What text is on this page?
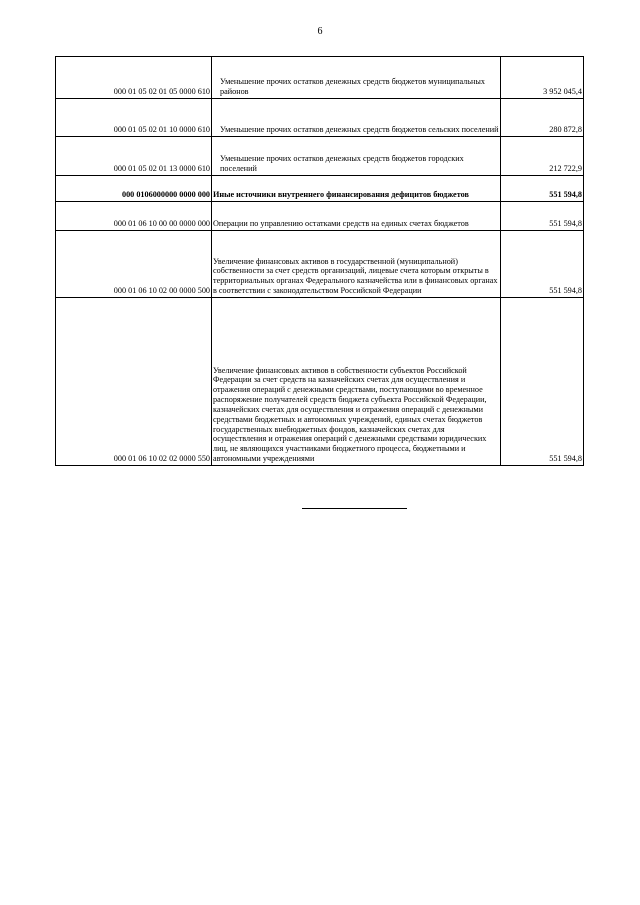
6
000 01 05 02 01 05 0000 610	Уменьшение прочих остатков денежных средств бюджетов муниципальных районов	3 952 045,4
000 01 05 02 01 10 0000 610	Уменьшение прочих остатков денежных средств бюджетов сельских поселений	280 872,8
000 01 05 02 01 13 0000 610	Уменьшение прочих остатков денежных средств бюджетов городских поселений	212 722,9
000 0106000000 0000 000	Иные источники внутреннего финансирования дефицитов бюджетов	551 594,8
000 01 06 10 00 00 0000 000	Операции по управлению остатками средств на единых счетах бюджетов	551 594,8
000 01 06 10 02 00 0000 500	Увеличение финансовых активов в государственной (муниципальной) собственности за счет средств организаций, лицевые счета которым открыты в территориальных органах Федерального казначейства или в финансовых органах в соответствии с законодательством Российской Федерации	551 594,8
000 01 06 10 02 02 0000 550	Увеличение финансовых активов в собственности субъектов Российской Федерации за счет средств на казначейских счетах для осуществления и отражения операций с денежными средствами, поступающими во временное распоряжение получателей средств бюджета субъекта Российской Федерации, казначейских счетах для осуществления и отражения операций с денежными средствами бюджетных и автономных учреждений, единых счетах бюджетов государственных внебюджетных фондов, казначейских счетах для осуществления и отражения операций с денежными средствами юридических лиц, не являющихся участниками бюджетного процесса, бюджетными и автономными учреждениями	551 594,8
